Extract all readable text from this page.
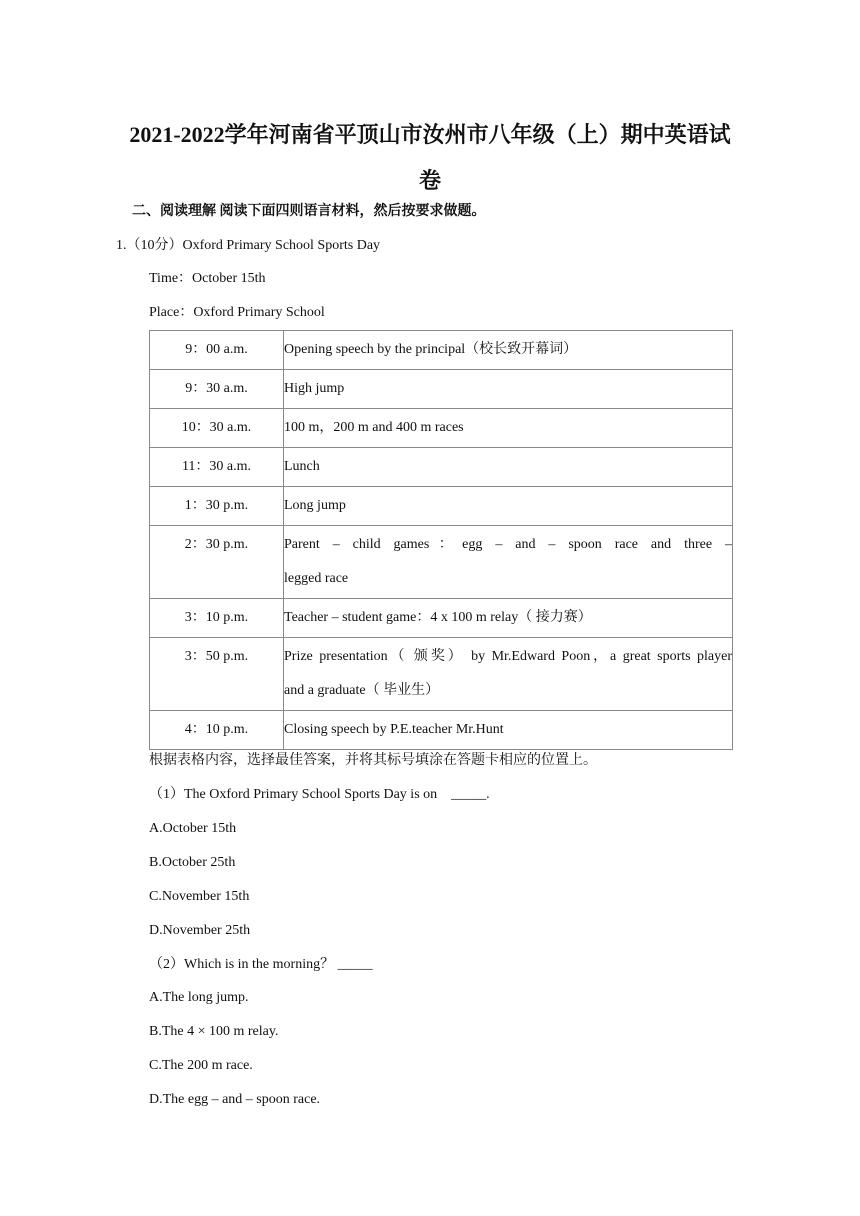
2021-2022学年河南省平顶山市汝州市八年级（上）期中英语试
卷
二、阅读理解 阅读下面四则语言材料，然后按要求做题。
1.（10分）Oxford Primary School Sports Day
Time：October 15th
Place：Oxford Primary School
9：00 a.m.	Opening speech by the principal（校长致开幕词）

9：30 a.m.	High jump

10：30 a.m.	100 m，200 m and 400 m races

11：30 a.m.	Lunch

1：30 p.m.	Long jump

2：30 p.m.	Parent – child games：egg – and – spoon race and three –
legged race

3：10 p.m.	Teacher – student game：4 x 100 m relay（ 接力赛）

3：50 p.m.	Prize presentation（ 颁奖） by Mr.Edward Poon，a great sports player
and a graduate（ 毕业生）

4：10 p.m.	Closing speech by P.E.teacher Mr.Hunt
根据表格内容，选择最佳答案，并将其标号填涂在答题卡相应的位置上。
（1）The Oxford Primary School Sports Day is on　_____.
A.October 15th
B.October 25th
C.November 15th
D.November 25th
（2）Which is in the morning？ _____
A.The long jump.
B.The 4 × 100 m relay.
C.The 200 m race.
D.The egg – and – spoon race.
